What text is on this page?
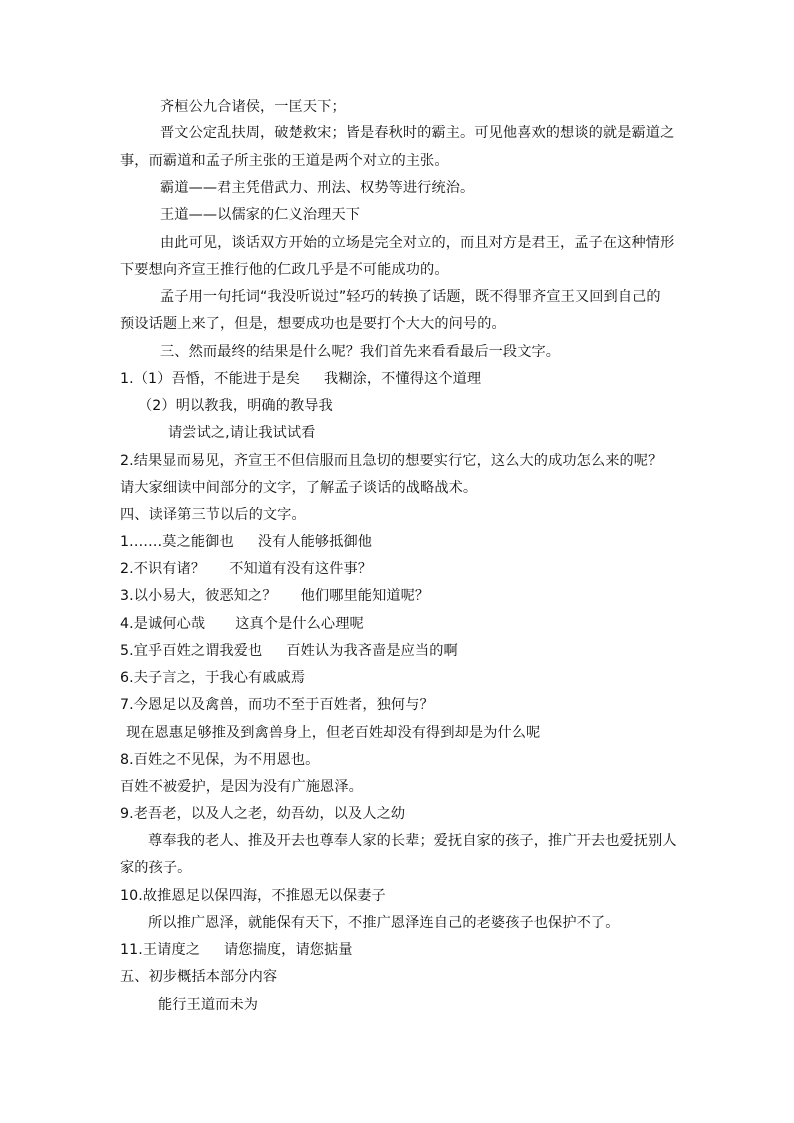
齐桓公九合诸侯，一匡天下；
晋文公定乱扶周，破楚救宋；皆是春秋时的霸主。可见他喜欢的想谈的就是霸道之
事，而霸道和孟子所主张的王道是两个对立的主张。
霸道——君主凭借武力、刑法、权势等进行统治。
王道——以儒家的仁义治理天下
由此可见，谈话双方开始的立场是完全对立的，而且对方是君王，孟子在这种情形
下要想向齐宣王推行他的仁政几乎是不可能成功的。
孟子用一句托词“我没听说过”轻巧的转换了话题，既不得罪齐宣王又回到自己的
预设话题上来了，但是，想要成功也是要打个大大的问号的。
三、然而最终的结果是什么呢？我们首先来看看最后一段文字。
1.（1）吾惛，不能进于是矣 我糊涂，不懂得这个道理
（2）明以教我，明确的教导我
请尝试之,请让我试试看
2.结果显而易见，齐宣王不但信服而且急切的想要实行它，这么大的成功怎么来的呢？
请大家细读中间部分的文字，了解孟子谈话的战略战术。
四、读译第三节以后的文字。
1.……莫之能御也 没有人能够抵御他
2.不识有诸？ 不知道有没有这件事？
3.以小易大，彼恶知之？ 他们哪里能知道呢？
4.是诚何心哉 这真个是什么心理呢
5.宜乎百姓之谓我爱也 百姓认为我吝啬是应当的啊
6.夫子言之，于我心有戚戚焉
7.今恩足以及禽兽，而功不至于百姓者，独何与？
现在恩惠足够推及到禽兽身上，但老百姓却没有得到却是为什么呢
8.百姓之不见保，为不用恩也。
百姓不被爱护，是因为没有广施恩泽。
9.老吾老，以及人之老，幼吾幼，以及人之幼
尊奉我的老人、推及开去也尊奉人家的长辈；爱抚自家的孩子，推广开去也爱抚别人
家的孩子。
10.故推恩足以保四海，不推恩无以保妻子
所以推广恩泽，就能保有天下，不推广恩泽连自己的老婆孩子也保护不了。
11.王请度之 请您揣度，请您掂量
五、初步概括本部分内容
能行王道而未为
